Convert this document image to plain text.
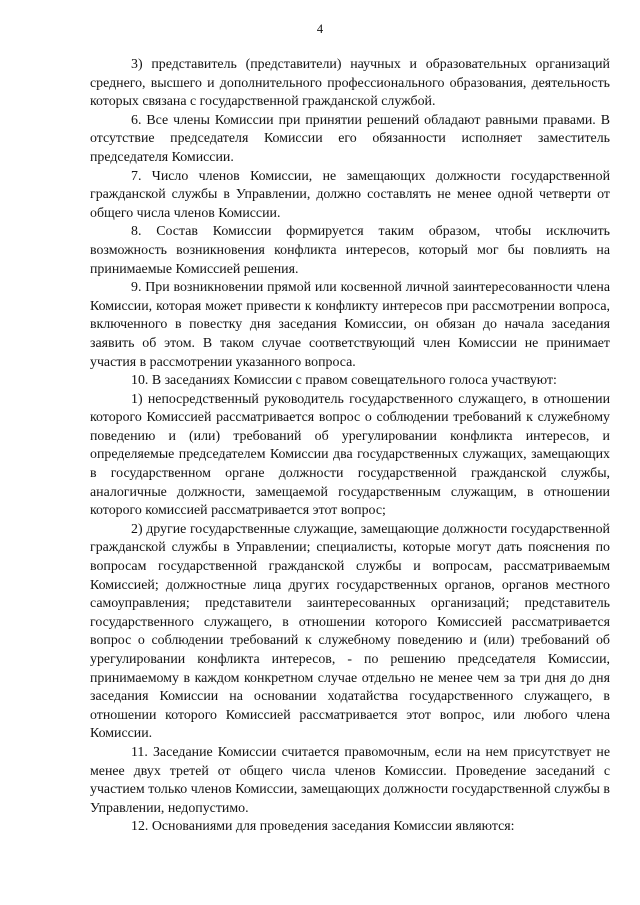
4

3) представитель (представители) научных и образовательных организаций среднего, высшего и дополнительного профессионального образования, деятельность которых связана с государственной гражданской службой.

6. Все члены Комиссии при принятии решений обладают равными правами. В отсутствие председателя Комиссии его обязанности исполняет заместитель председателя Комиссии.

7. Число членов Комиссии, не замещающих должности государственной гражданской службы в Управлении, должно составлять не менее одной четверти от общего числа членов Комиссии.

8. Состав Комиссии формируется таким образом, чтобы исключить возможность возникновения конфликта интересов, который мог бы повлиять на принимаемые Комиссией решения.

9. При возникновении прямой или косвенной личной заинтересованности члена Комиссии, которая может привести к конфликту интересов при рассмотрении вопроса, включенного в повестку дня заседания Комиссии, он обязан до начала заседания заявить об этом. В таком случае соответствующий член Комиссии не принимает участия в рассмотрении указанного вопроса.

10. В заседаниях Комиссии с правом совещательного голоса участвуют:

1) непосредственный руководитель государственного служащего, в отношении которого Комиссией рассматривается вопрос о соблюдении требований к служебному поведению и (или) требований об урегулировании конфликта интересов, и определяемые председателем Комиссии два государственных служащих, замещающих в государственном органе должности государственной гражданской службы, аналогичные должности, замещаемой государственным служащим, в отношении которого комиссией рассматривается этот вопрос;

2) другие государственные служащие, замещающие должности государственной гражданской службы в Управлении; специалисты, которые могут дать пояснения по вопросам государственной гражданской службы и вопросам, рассматриваемым Комиссией; должностные лица других государственных органов, органов местного самоуправления; представители заинтересованных организаций; представитель государственного служащего, в отношении которого Комиссией рассматривается вопрос о соблюдении требований к служебному поведению и (или) требований об урегулировании конфликта интересов, - по решению председателя Комиссии, принимаемому в каждом конкретном случае отдельно не менее чем за три дня до дня заседания Комиссии на основании ходатайства государственного служащего, в отношении которого Комиссией рассматривается этот вопрос, или любого члена Комиссии.

11. Заседание Комиссии считается правомочным, если на нем присутствует не менее двух третей от общего числа членов Комиссии. Проведение заседаний с участием только членов Комиссии, замещающих должности государственной службы в Управлении, недопустимо.

12. Основаниями для проведения заседания Комиссии являются:
